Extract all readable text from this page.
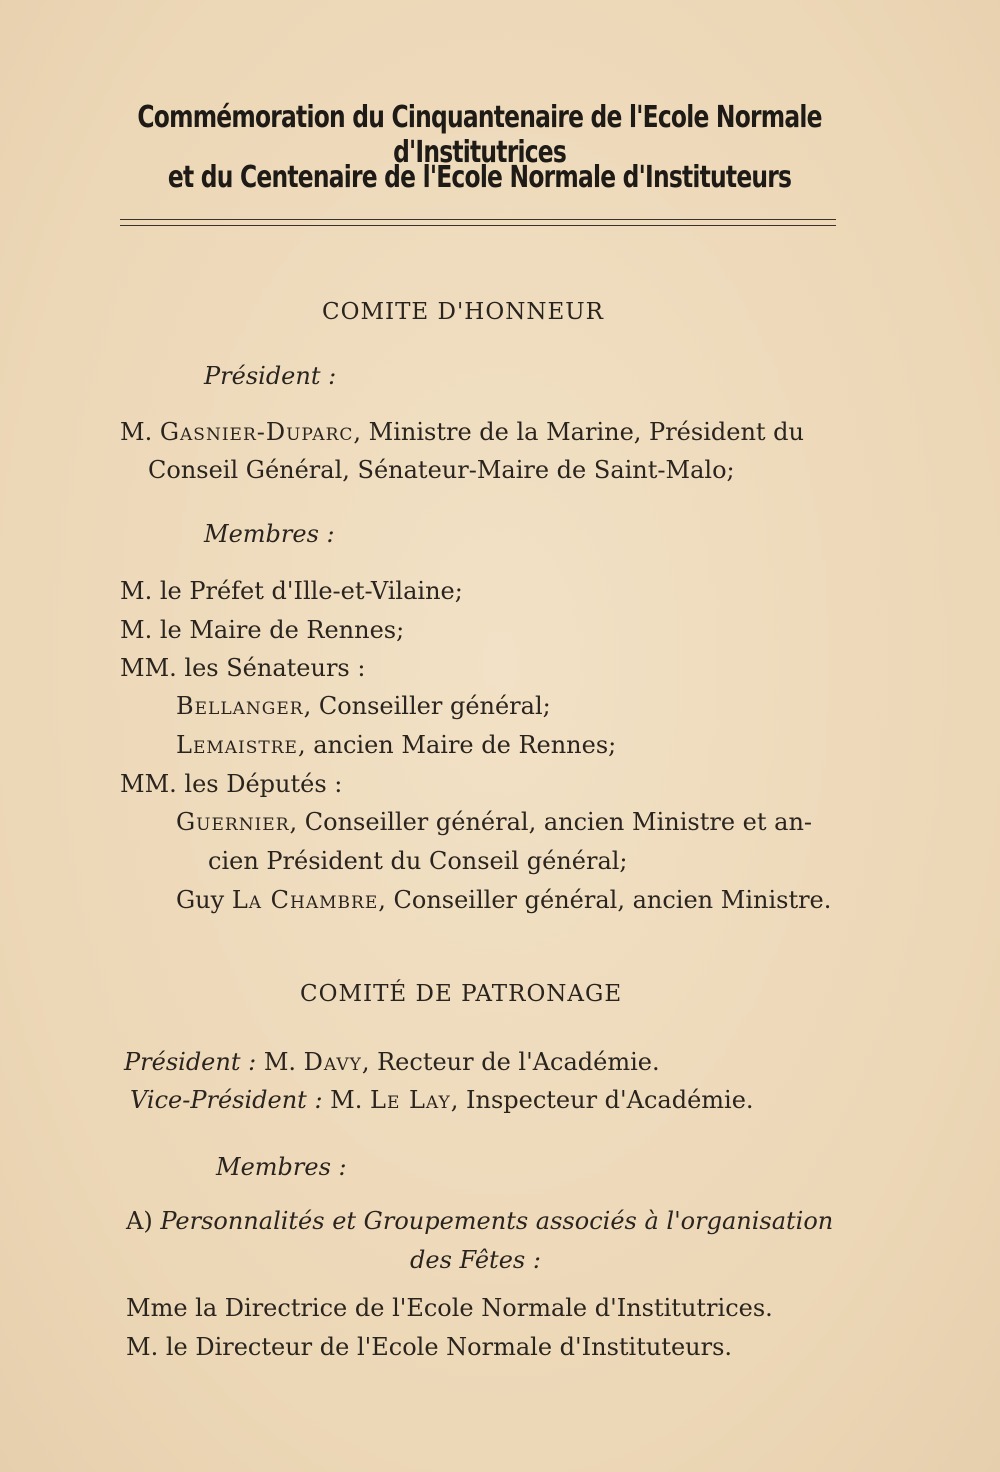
Commémoration du Cinquantenaire de l'Ecole Normale d'Institutrices
et du Centenaire de l'Ecole Normale d'Instituteurs
COMITE D'HONNEUR
Président :
M. Gasnier-Duparc, Ministre de la Marine, Président du
Conseil Général, Sénateur-Maire de Saint-Malo;
Membres :
M. le Préfet d'Ille-et-Vilaine;
M. le Maire de Rennes;
MM. les Sénateurs :
Bellanger, Conseiller général;
Lemaistre, ancien Maire de Rennes;
MM. les Députés :
Guernier, Conseiller général, ancien Ministre et an-
cien Président du Conseil général;
Guy La Chambre, Conseiller général, ancien Ministre.
COMITÉ DE PATRONAGE
Président : M. Davy, Recteur de l'Académie.
Vice-Président : M. Le Lay, Inspecteur d'Académie.
Membres :
A) Personnalités et Groupements associés à l'organisation
des Fêtes :
Mme la Directrice de l'Ecole Normale d'Institutrices.
M. le Directeur de l'Ecole Normale d'Instituteurs.
